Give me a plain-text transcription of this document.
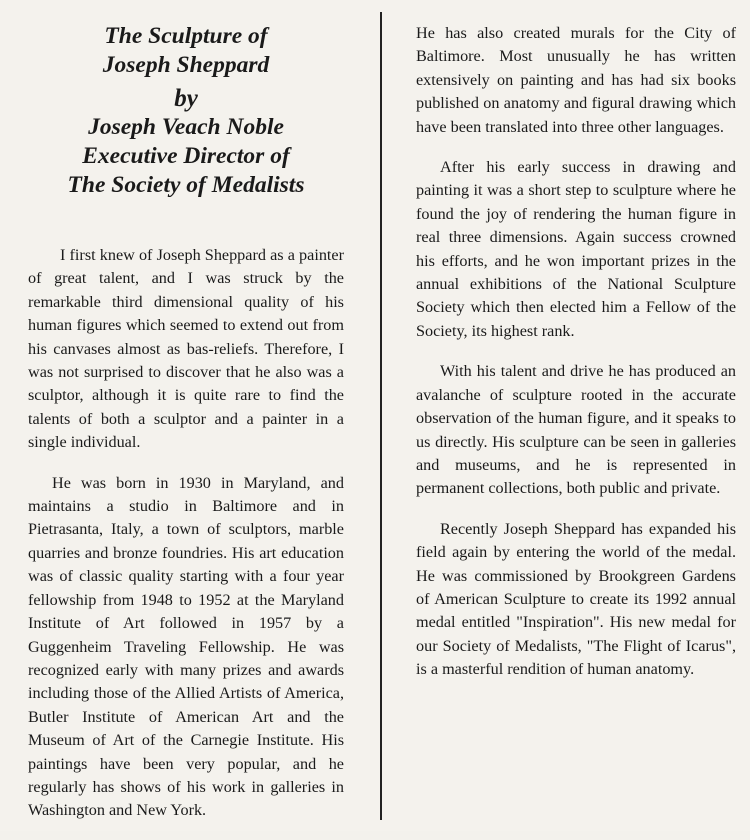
The Sculpture of
Joseph Sheppard
by
Joseph Veach Noble
Executive Director of
The Society of Medalists

I first knew of Joseph Sheppard as a painter of great talent, and I was struck by the remarkable third dimensional quality of his human figures which seemed to extend out from his canvases almost as bas-reliefs. Therefore, I was not surprised to discover that he also was a sculptor, although it is quite rare to find the talents of both a sculptor and a painter in a single individual.

He was born in 1930 in Maryland, and maintains a studio in Baltimore and in Pietrasanta, Italy, a town of sculptors, marble quarries and bronze foundries. His art education was of classic quality starting with a four year fellowship from 1948 to 1952 at the Maryland Institute of Art followed in 1957 by a Guggenheim Traveling Fellowship. He was recognized early with many prizes and awards including those of the Allied Artists of America, Butler Institute of American Art and the Museum of Art of the Carnegie Institute. His paintings have been very popular, and he regularly has shows of his work in galleries in Washington and New York.

He has also created murals for the City of Baltimore. Most unusually he has written extensively on painting and has had six books published on anatomy and figural drawing which have been translated into three other languages.

After his early success in drawing and painting it was a short step to sculpture where he found the joy of rendering the human figure in real three dimensions. Again success crowned his efforts, and he won important prizes in the annual exhibitions of the National Sculpture Society which then elected him a Fellow of the Society, its highest rank.

With his talent and drive he has produced an avalanche of sculpture rooted in the accurate observation of the human figure, and it speaks to us directly. His sculpture can be seen in galleries and museums, and he is represented in permanent collections, both public and private.

Recently Joseph Sheppard has expanded his field again by entering the world of the medal. He was commissioned by Brookgreen Gardens of American Sculpture to create its 1992 annual medal entitled "Inspiration". His new medal for our Society of Medalists, "The Flight of Icarus", is a masterful rendition of human anatomy.
